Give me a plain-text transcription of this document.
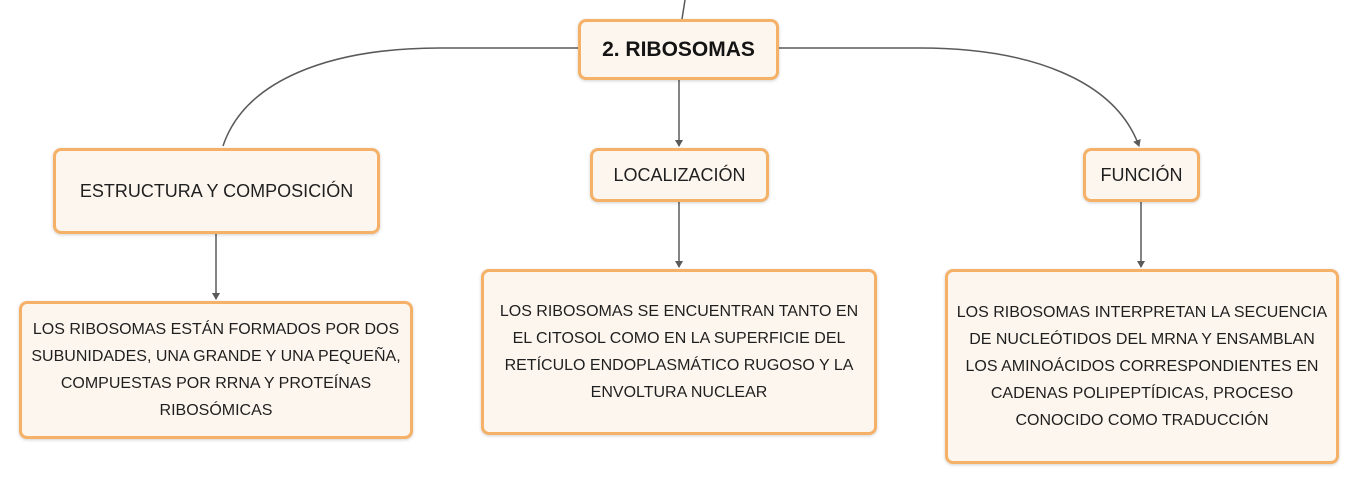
2. RIBOSOMAS
ESTRUCTURA Y COMPOSICIÓN
LOCALIZACIÓN	FUNCIÓN
LOS RIBOSOMAS ESTÁN FORMADOS POR DOS SUBUNIDADES, UNA GRANDE Y UNA PEQUEÑA, COMPUESTAS POR RRNA Y PROTEÍNAS RIBOSÓMICAS
LOS RIBOSOMAS SE ENCUENTRAN TANTO EN EL CITOSOL COMO EN LA SUPERFICIE DEL RETÍCULO ENDOPLASMÁTICO RUGOSO Y LA ENVOLTURA NUCLEAR
LOS RIBOSOMAS INTERPRETAN LA SECUENCIA DE NUCLEÓTIDOS DEL MRNA Y ENSAMBLAN LOS AMINOÁCIDOS CORRESPONDIENTES EN CADENAS POLIPEPTÍDICAS, PROCESO CONOCIDO COMO TRADUCCIÓN
